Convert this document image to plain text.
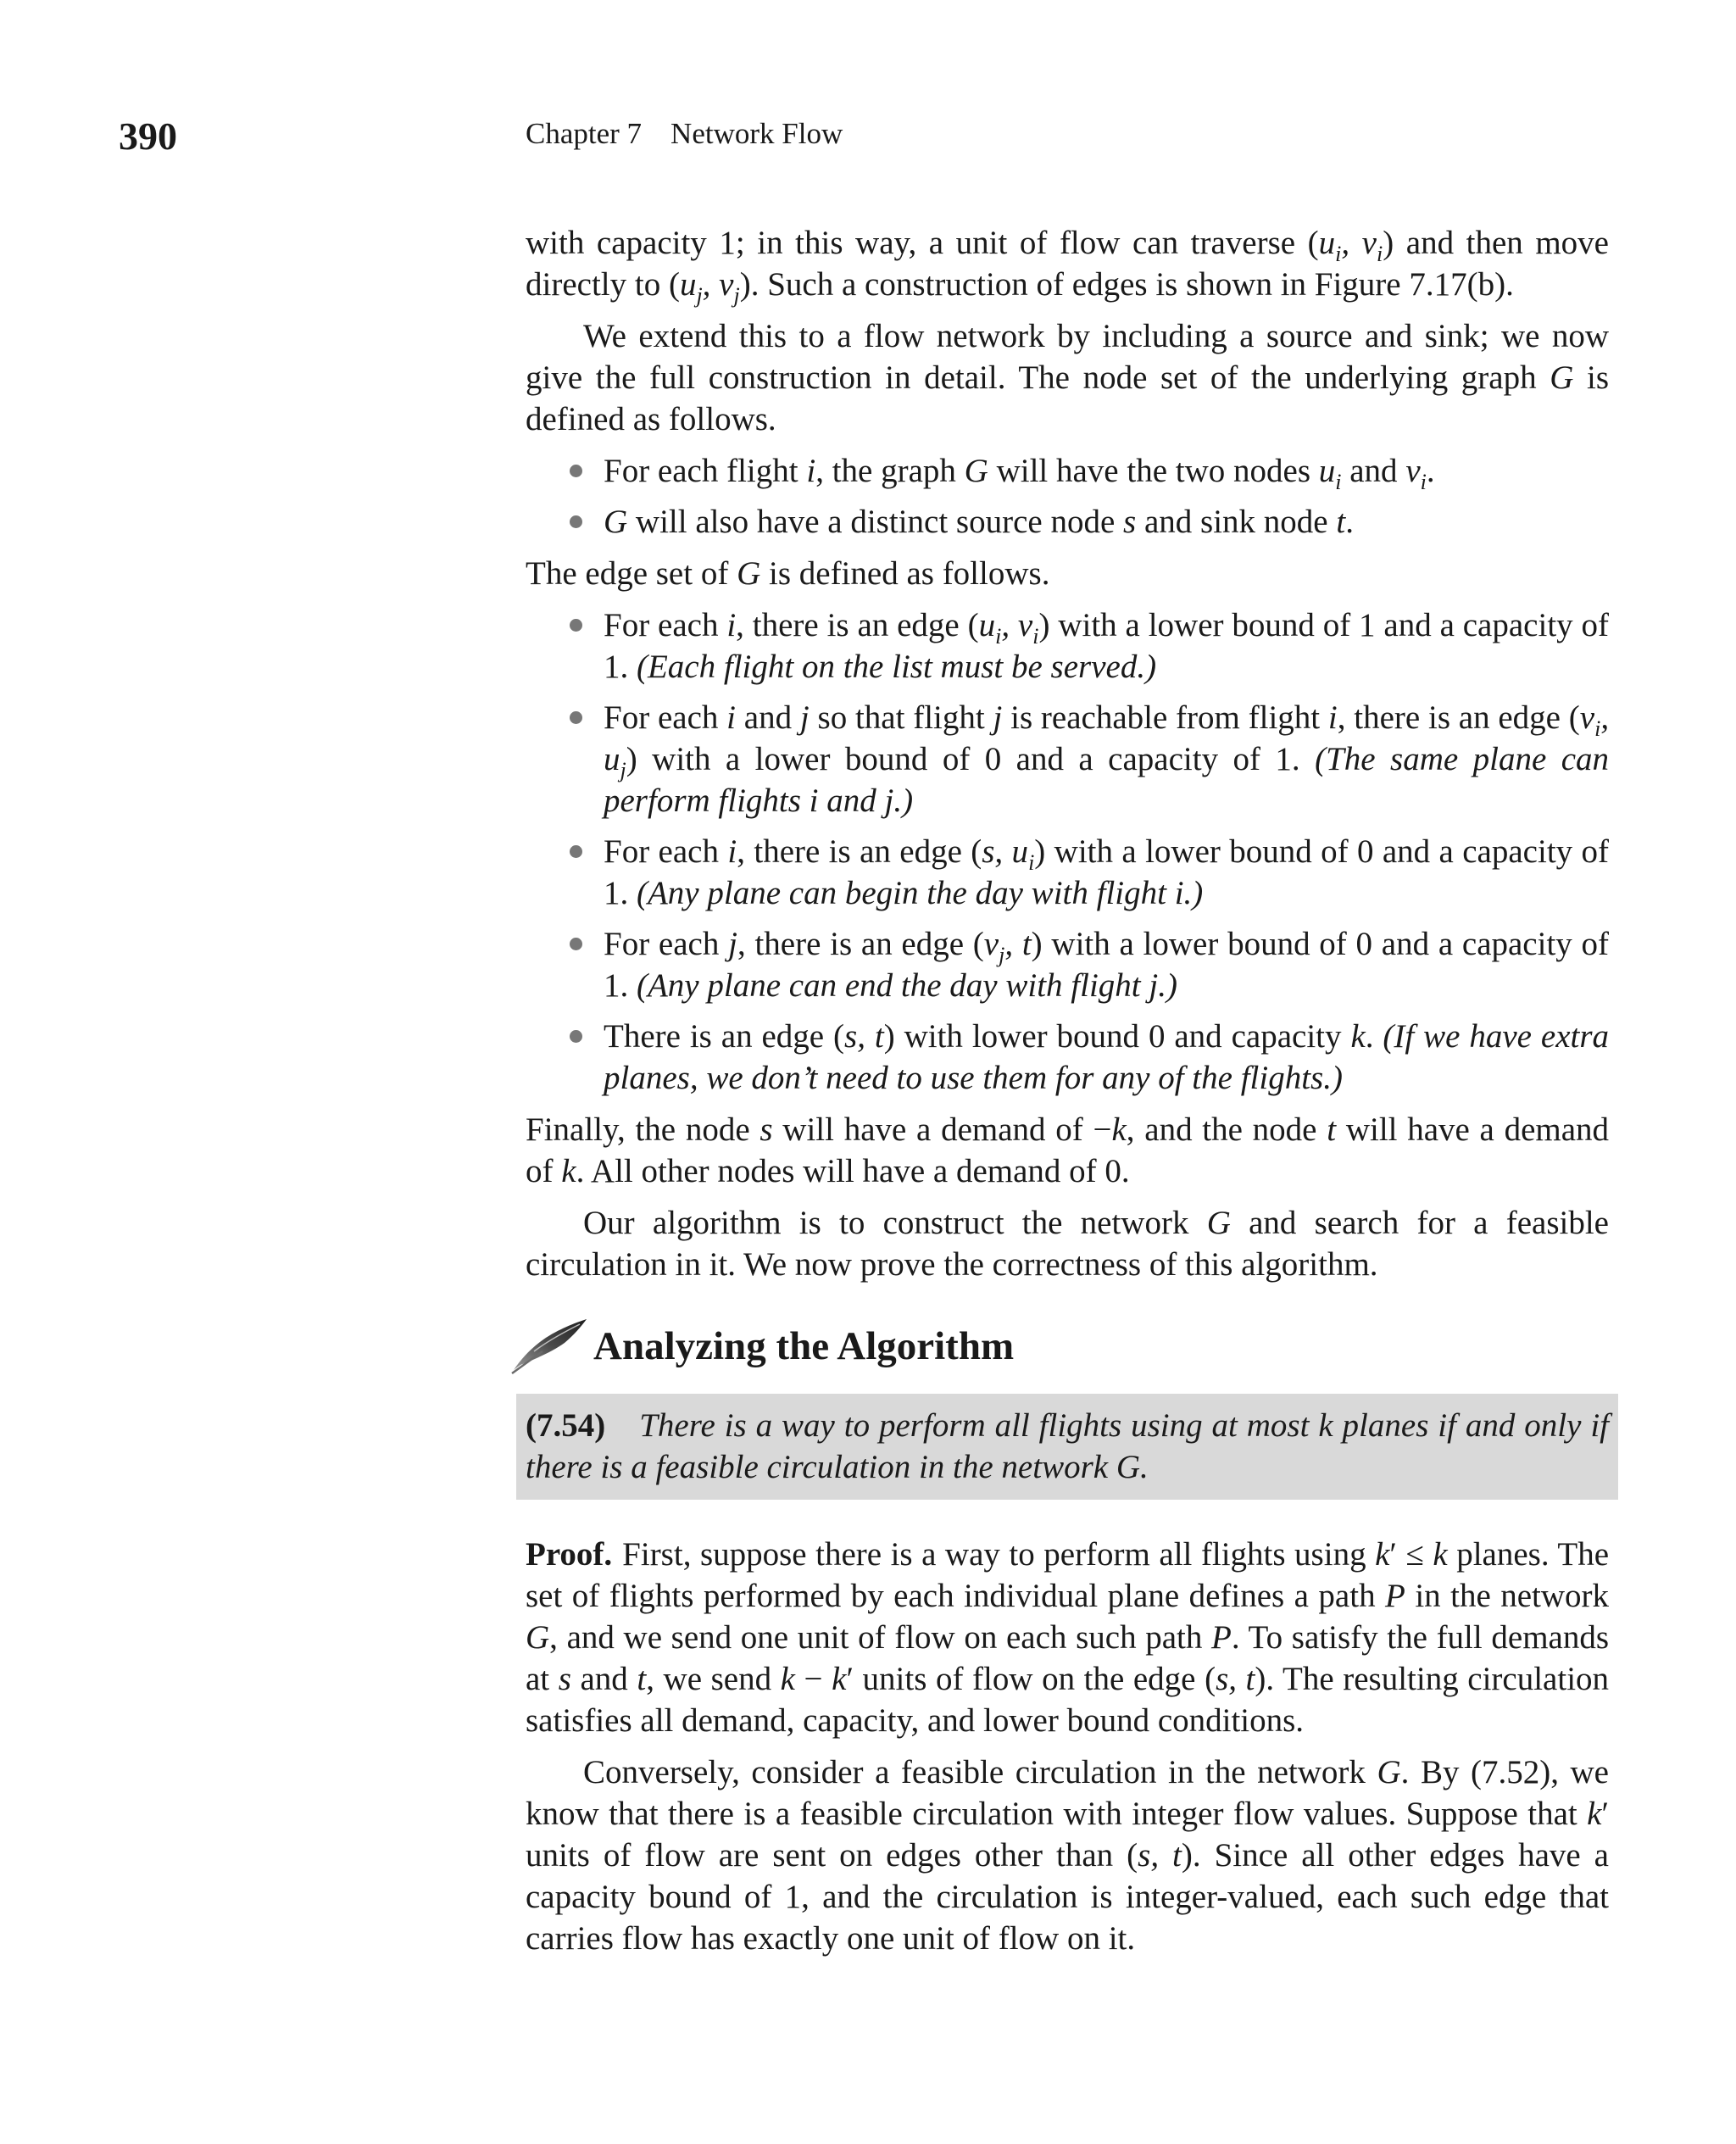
390	Chapter 7 Network Flow

with capacity 1; in this way, a unit of flow can traverse ($u_i$, $v_i$) and then move directly to ($u_j$, $v_j$). Such a construction of edges is shown in Figure 7.17(b).

We extend this to a flow network by including a source and sink; we now give the full construction in detail. The node set of the underlying graph G is defined as follows.

For each flight i, the graph G will have the two nodes $u_i$ and $v_i$.
G will also have a distinct source node s and sink node t.

The edge set of G is defined as follows.

For each i, there is an edge ($u_i$, $v_i$) with a lower bound of 1 and a capacity of 1. (Each flight on the list must be served.)
For each i and j so that flight j is reachable from flight i, there is an edge ($v_i$, $u_j$) with a lower bound of 0 and a capacity of 1. (The same plane can perform flights i and j.)
For each i, there is an edge (s, $u_i$) with a lower bound of 0 and a capacity of 1. (Any plane can begin the day with flight i.)
For each j, there is an edge ($v_j$, t) with a lower bound of 0 and a capacity of 1. (Any plane can end the day with flight j.)
There is an edge (s, t) with lower bound 0 and capacity k. (If we have extra planes, we don’t need to use them for any of the flights.)

Finally, the node s will have a demand of −k, and the node t will have a demand of k. All other nodes will have a demand of 0.

Our algorithm is to construct the network G and search for a feasible circulation in it. We now prove the correctness of this algorithm.

Analyzing the Algorithm
(7.54) There is a way to perform all flights using at most k planes if and only if there is a feasible circulation in the network G.

Proof. First, suppose there is a way to perform all flights using k′ ≤ k planes. The set of flights performed by each individual plane defines a path P in the network G, and we send one unit of flow on each such path P. To satisfy the full demands at s and t, we send k − k′ units of flow on the edge (s, t). The resulting circulation satisfies all demand, capacity, and lower bound conditions.

Conversely, consider a feasible circulation in the network G. By (7.52), we know that there is a feasible circulation with integer flow values. Suppose that k′ units of flow are sent on edges other than (s, t). Since all other edges have a capacity bound of 1, and the circulation is integer-valued, each such edge that carries flow has exactly one unit of flow on it.
